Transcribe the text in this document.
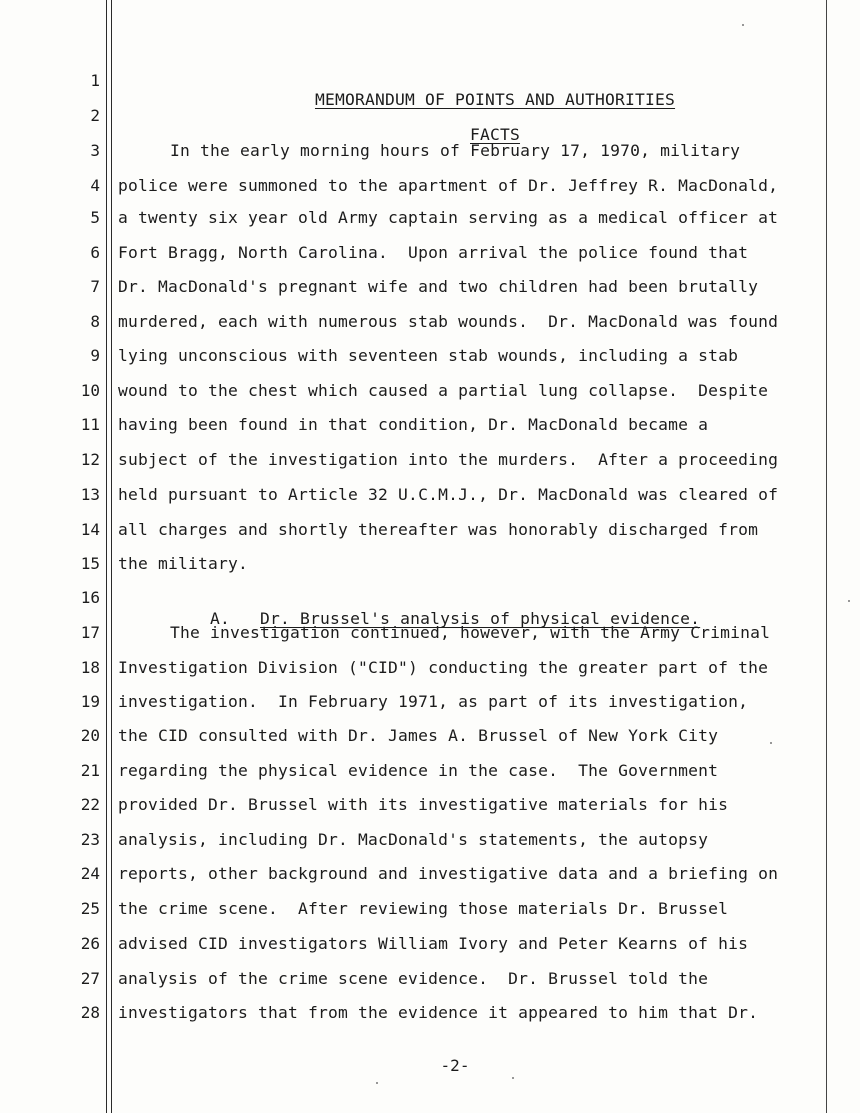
1
2
3
4
5
6
7
8
9
10
11
12
13
14
15
16
17
18
19
20
21
22
23
24
25
26
27
28

MEMORANDUM OF POINTS AND AUTHORITIES

FACTS

In the early morning hours of February 17, 1970, military
police were summoned to the apartment of Dr. Jeffrey R. MacDonald,
a twenty six year old Army captain serving as a medical officer at
Fort Bragg, North Carolina.  Upon arrival the police found that
Dr. MacDonald's pregnant wife and two children had been brutally
murdered, each with numerous stab wounds.  Dr. MacDonald was found
lying unconscious with seventeen stab wounds, including a stab
wound to the chest which caused a partial lung collapse.  Despite
having been found in that condition, Dr. MacDonald became a
subject of the investigation into the murders.  After a proceeding
held pursuant to Article 32 U.C.M.J., Dr. MacDonald was cleared of
all charges and shortly thereafter was honorably discharged from
the military.
The investigation continued, however, with the Army Criminal
Investigation Division ("CID") conducting the greater part of the
investigation.  In February 1971, as part of its investigation,
the CID consulted with Dr. James A. Brussel of New York City
regarding the physical evidence in the case.  The Government
provided Dr. Brussel with its investigative materials for his
analysis, including Dr. MacDonald's statements, the autopsy
reports, other background and investigative data and a briefing on
the crime scene.  After reviewing those materials Dr. Brussel
advised CID investigators William Ivory and Peter Kearns of his
analysis of the crime scene evidence.  Dr. Brussel told the
investigators that from the evidence it appeared to him that Dr.

A. Dr. Brussel's analysis of physical evidence.

-2-
